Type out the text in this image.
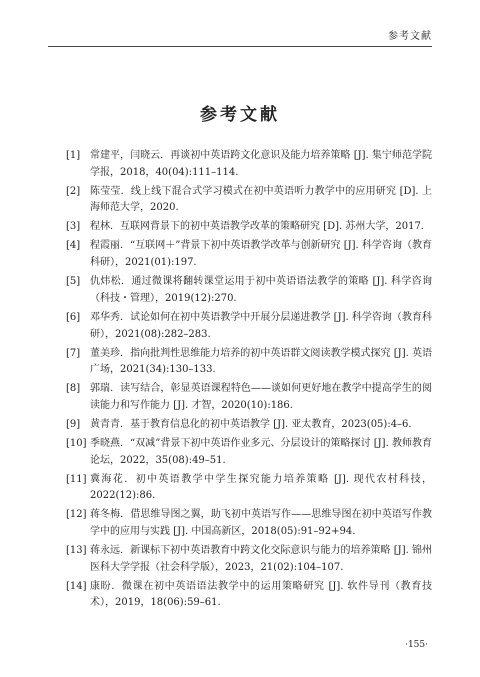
参考文献
参考文献
[1] 常建平，闫晓云．再谈初中英语跨文化意识及能力培养策略 [J]. 集宁师范学院学报，2018，40(04):111–114.
[2] 陈莹莹．线上线下混合式学习模式在初中英语听力教学中的应用研究 [D]. 上海师范大学，2020.
[3] 程林．互联网背景下的初中英语教学改革的策略研究 [D]. 苏州大学，2017.
[4] 程霞丽．“互联网＋”背景下初中英语教学改革与创新研究 [J]. 科学咨询（教育科研），2021(01):197.
[5] 仇炜松．通过微课将翻转课堂运用于初中英语语法教学的策略 [J]. 科学咨询（科技・管理），2019(12):270.
[6] 邓华秀．试论如何在初中英语教学中开展分层递进教学 [J]. 科学咨询（教育科研），2021(08):282–283.
[7] 董美珍．指向批判性思维能力培养的初中英语群文阅读教学模式探究 [J]. 英语广场，2021(34):130–133.
[8] 郭瑞．读写结合，彰显英语课程特色——谈如何更好地在教学中提高学生的阅读能力和写作能力 [J]. 才智，2020(10):186.
[9] 黄青青．基于教育信息化的初中英语教学 [J]. 亚太教育，2023(05):4–6.
[10] 季晓燕．“双减”背景下初中英语作业多元、分层设计的策略探讨 [J]. 教师教育论坛，2022，35(08):49–51.
[11] 冀海花．初中英语教学中学生探究能力培养策略 [J]. 现代农村科技，2022(12):86.
[12] 蒋冬梅．借思维导图之翼，助飞初中英语写作——思维导图在初中英语写作教学中的应用与实践 [J]. 中国高新区，2018(05):91–92+94.
[13] 蒋永远．新课标下初中英语教育中跨文化交际意识与能力的培养策略 [J]. 锦州医科大学学报（社会科学版），2023，21(02):104–107.
[14] 康盼．微课在初中英语语法教学中的运用策略研究 [J]. 软件导刊（教育技术），2019，18(06):59–61.
·155·
